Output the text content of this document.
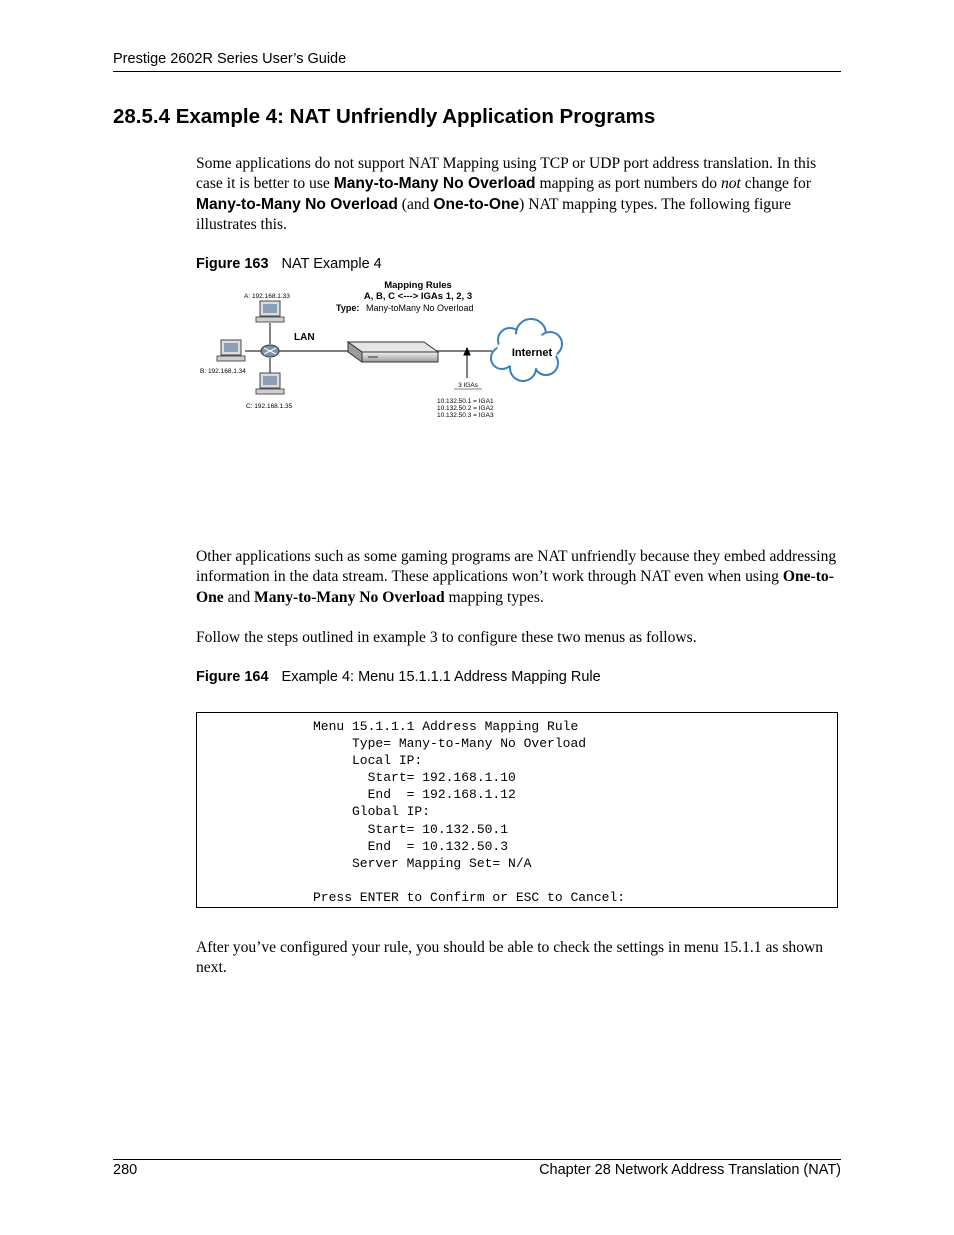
Prestige 2602R Series User’s Guide
28.5.4 Example 4: NAT Unfriendly Application Programs
Some applications do not support NAT Mapping using TCP or UDP port address translation. In this case it is better to use Many-to-Many No Overload mapping as port numbers do not change for Many-to-Many No Overload (and One-to-One) NAT mapping types. The following figure illustrates this.
Figure 163 NAT Example 4
Mapping Rules
A, B, C <---> IGAs 1, 2, 3
Type: Many-toMany No Overload
A: 192.168.1.33
B: 192.168.1.34
C: 192.168.1.35
LAN
3 IGAs
10.132.50.1 = IGA1
10.132.50.2 = IGA2
10.132.50.3 = IGA3
Internet
Other applications such as some gaming programs are NAT unfriendly because they embed addressing information in the data stream. These applications won’t work through NAT even when using One-to-One and Many-to-Many No Overload mapping types.
Follow the steps outlined in example 3 to configure these two menus as follows.
Figure 164 Example 4: Menu 15.1.1.1 Address Mapping Rule
Menu 15.1.1.1 Address Mapping Rule
Type= Many-to-Many No Overload
Local IP:
Start= 192.168.1.10
End  = 192.168.1.12
Global IP:
Start= 10.132.50.1
End  = 10.132.50.3
Server Mapping Set= N/A

Press ENTER to Confirm or ESC to Cancel:
After you’ve configured your rule, you should be able to check the settings in menu 15.1.1 as shown next.
280	Chapter 28 Network Address Translation (NAT)
